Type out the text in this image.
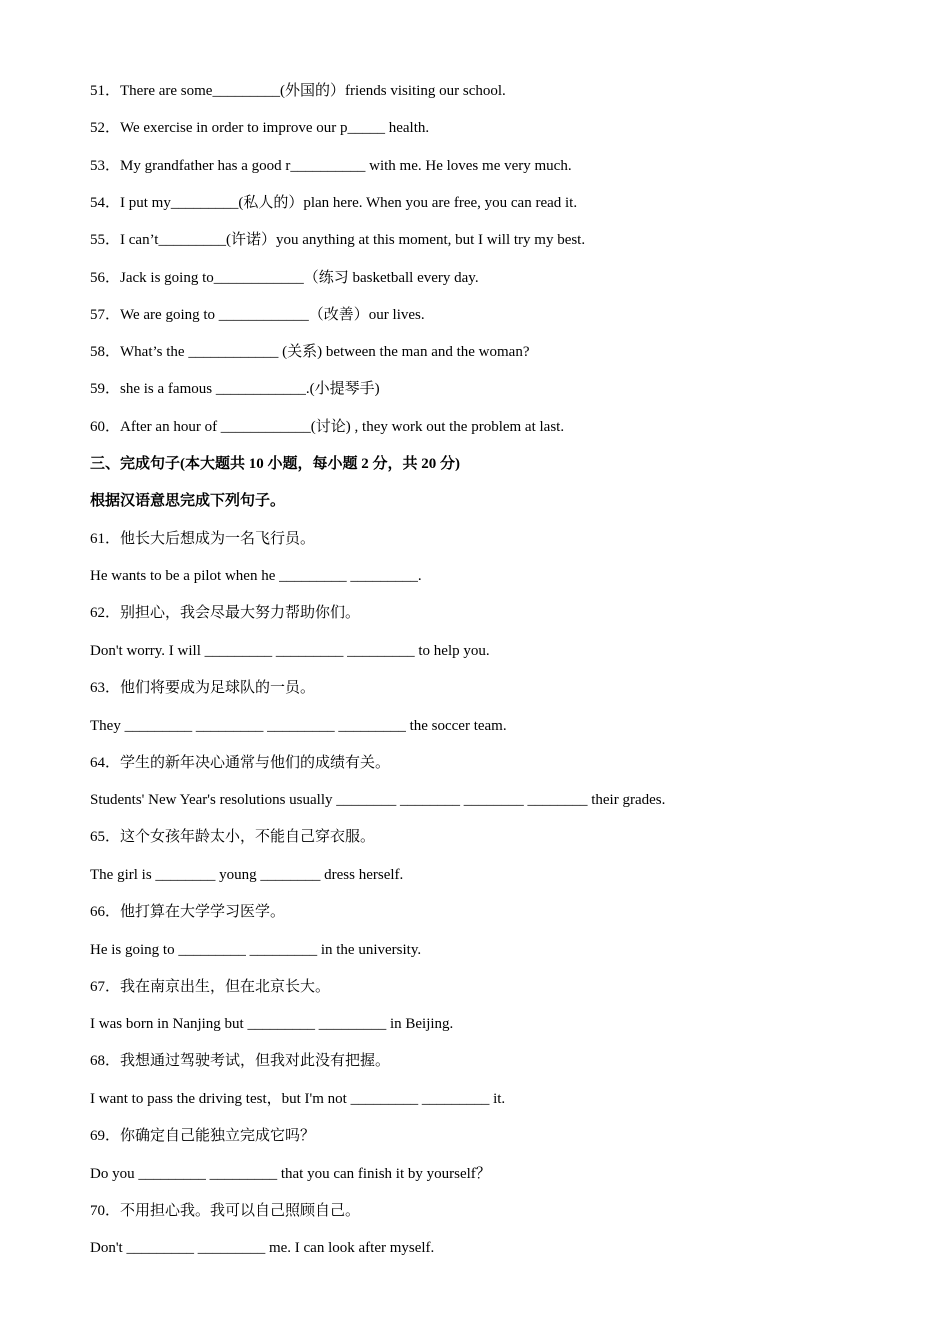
51．There are some_________(外国的）friends visiting our school.
52．We exercise in order to improve our p_____ health.
53．My grandfather has a good r__________ with me. He loves me very much.
54．I put my_________(私人的）plan here. When you are free, you can read it.
55．I can’t_________(许诺）you anything at this moment, but I will try my best.
56．Jack is going to____________（练习 basketball every day.
57．We are going to ____________（改善）our lives.
58．What’s the ____________ (关系) between the man and the woman?
59．she is a famous ____________.(小提琴手)
60．After an hour of ____________(讨论) , they work out the problem at last.
三、完成句子(本大题共 10 小题，每小题 2 分，共 20 分)
根据汉语意思完成下列句子。
61．他长大后想成为一名飞行员。
He wants to be a pilot when he _________ _________.
62．别担心，我会尽最大努力帮助你们。
Don't worry. I will _________ _________ _________ to help you.
63．他们将要成为足球队的一员。
They _________ _________ _________ _________ the soccer team.
64．学生的新年决心通常与他们的成绩有关。
Students' New Year's resolutions usually ________ ________ ________ ________ their grades.
65．这个女孩年龄太小，不能自己穿衣服。
The girl is ________ young ________ dress herself.
66．他打算在大学学习医学。
He is going to _________ _________ in the university.
67．我在南京出生，但在北京长大。
I was born in Nanjing but _________ _________ in Beijing.
68．我想通过驾驶考试，但我对此没有把握。
I want to pass the driving test，but I'm not _________ _________ it.
69．你确定自己能独立完成它吗？
Do you _________ _________ that you can finish it by yourself？
70．不用担心我。我可以自己照顾自己。
Don't _________ _________ me. I can look after myself.
